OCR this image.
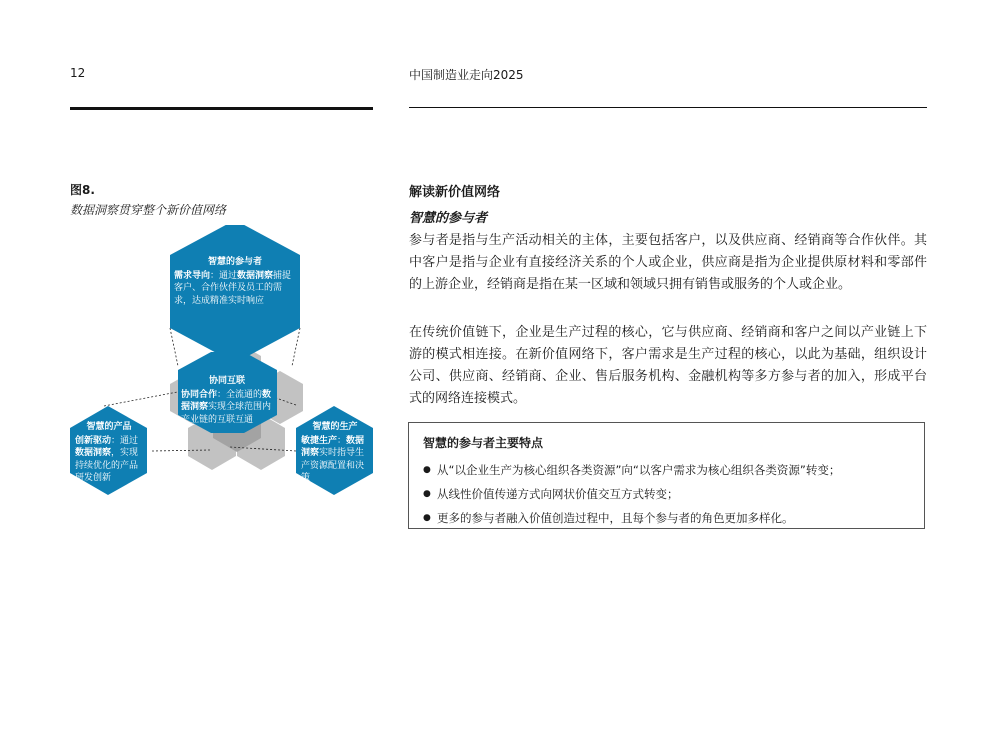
12	中国制造业走向2025
图8.
数据洞察贯穿整个新价值网络
智慧的参与者
需求导向：通过数据洞察捕捉客户、合作伙伴及员工的需求，达成精准实时响应
协同互联
协同合作：全流通的数据洞察实现全球范围内产业链的互联互通
智慧的产品
创新驱动：通过数据洞察，实现持续优化的产品研发创新
智慧的生产
敏捷生产：数据洞察实时指导生产资源配置和决策
解读新价值网络
智慧的参与者
参与者是指与生产活动相关的主体，主要包括客户，以及供应商、经销商等合作伙伴。其中客户是指与企业有直接经济关系的个人或企业，供应商是指为企业提供原材料和零部件的上游企业，经销商是指在某一区域和领域只拥有销售或服务的个人或企业。
在传统价值链下，企业是生产过程的核心，它与供应商、经销商和客户之间以产业链上下游的模式相连接。在新价值网络下，客户需求是生产过程的核心，以此为基础，组织设计公司、供应商、经销商、企业、售后服务机构、金融机构等多方参与者的加入，形成平台式的网络连接模式。
智慧的参与者主要特点
● 从“以企业生产为核心组织各类资源”向“以客户需求为核心组织各类资源”转变；
● 从线性价值传递方式向网状价值交互方式转变；
● 更多的参与者融入价值创造过程中，且每个参与者的角色更加多样化。
